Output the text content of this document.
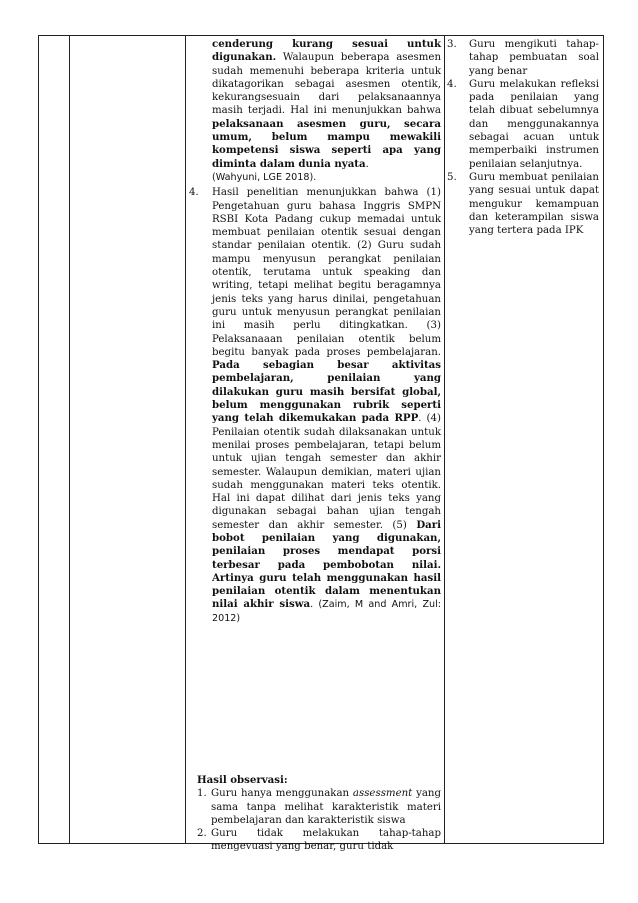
cenderung kurang sesuai untuk digunakan. Walaupun beberapa asesmen sudah memenuhi beberapa kriteria untuk dikatagorikan sebagai asesmen otentik, kekurangsesuain dari pelaksanaannya masih terjadi. Hal ini menunjukkan bahwa pelaksanaan asesmen guru, secara umum, belum mampu mewakili kompetensi siswa seperti apa yang diminta dalam dunia nyata.
(Wahyuni, LGE 2018).
4.	Hasil penelitian menunjukkan bahwa (1) Pengetahuan guru bahasa Inggris SMPN RSBI Kota Padang cukup memadai untuk membuat penilaian otentik sesuai dengan standar penilaian otentik. (2) Guru sudah mampu menyusun perangkat penilaian otentik, terutama untuk speaking dan writing, tetapi melihat begitu beragamnya jenis teks yang harus dinilai, pengetahuan guru untuk menyusun perangkat penilaian ini masih perlu ditingkatkan. (3) Pelaksanaaan penilaian otentik belum begitu banyak pada proses pembelajaran. Pada sebagian besar aktivitas pembelajaran, penilaian yang dilakukan guru masih bersifat global, belum menggunakan rubrik seperti yang telah dikemukakan pada RPP. (4) Penilaian otentik sudah dilaksanakan untuk menilai proses pembelajaran, tetapi belum untuk ujian tengah semester dan akhir semester. Walaupun demikian, materi ujian sudah menggunakan materi teks otentik. Hal ini dapat dilihat dari jenis teks yang digunakan sebagai bahan ujian tengah semester dan akhir semester. (5) Dari bobot penilaian yang digunakan, penilaian proses mendapat porsi terbesar pada pembobotan nilai. Artinya guru telah menggunakan hasil penilaian otentik dalam menentukan nilai akhir siswa. (Zaim, M and Amri, Zul: 2012)
Hasil observasi:
1. Guru hanya menggunakan assessment yang sama tanpa melihat karakteristik materi pembelajaran dan karakteristik siswa
2. Guru tidak melakukan tahap-tahap mengevuasi yang benar, guru tidak
3.	Guru mengikuti tahap-tahap pembuatan soal yang benar
4.	Guru melakukan refleksi pada penilaian yang telah dibuat sebelumnya dan menggunakannya sebagai acuan untuk memperbaiki instrumen penilaian selanjutnya.
5.	Guru membuat penilaian yang sesuai untuk dapat mengukur kemampuan dan keterampilan siswa yang tertera pada IPK
